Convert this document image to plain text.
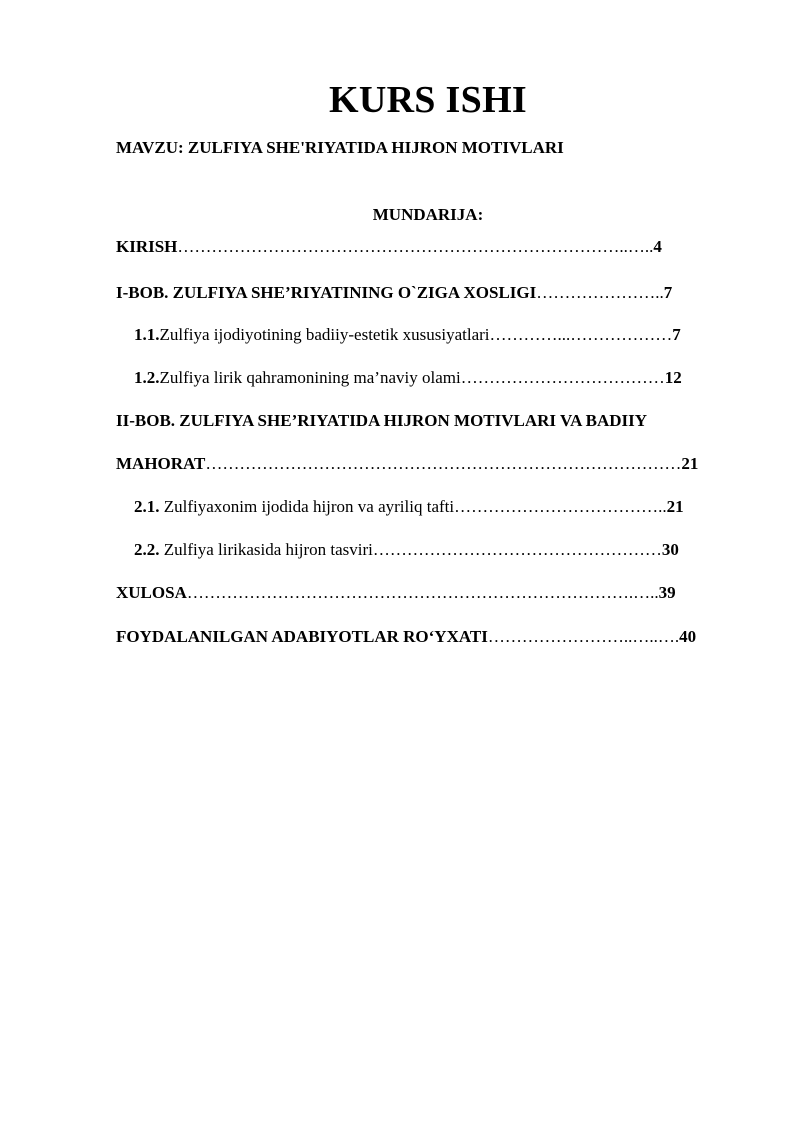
KURS ISHI
MAVZU: ZULFIYA SHE'RIYATIDA HIJRON MOTIVLARI
MUNDARIJA:
KIRISH……………………………………………………………………..…..4
I-BOB. ZULFIYA SHE’RIYATINING O`ZIGA XOSLIGI…………………..7
1.1.Zulfiya ijodiyotining badiiy-estetik xususiyatlari…………...………………7
1.2.Zulfiya lirik qahramonining ma’naviy olami………………………………12
II-BOB. ZULFIYA SHE’RIYATIDA HIJRON MOTIVLARI VA BADIIY
MAHORAT…………………………………………………………………………21
2.1. Zulfiyaxonim ijodida hijron va ayriliq tafti………………………………..21
2.2. Zulfiya lirikasida hijron tasviri……………………………………………30
XULOSA…………………………………………………………………….…..39
FOYDALANILGAN ADABIYOTLAR RO‘YXATI……………………..…..….40
